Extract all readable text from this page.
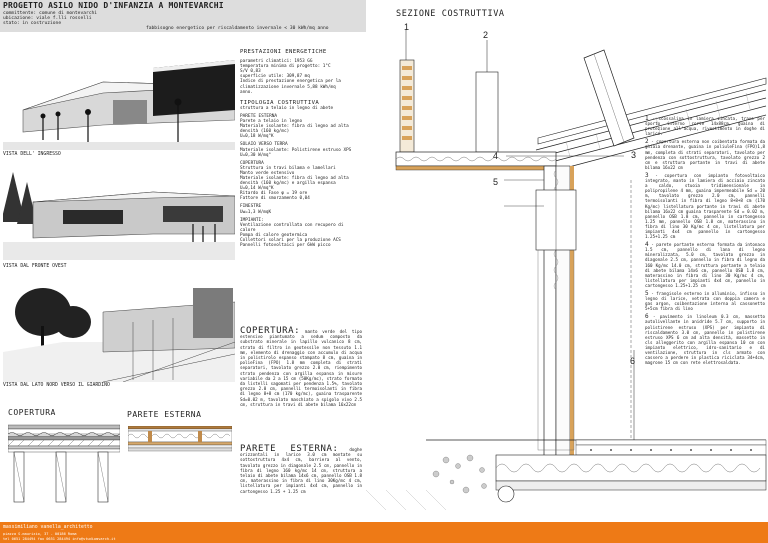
PROGETTO ASILO NIDO D'INFANZIA A MONTEVARCHI
committente: comune di montevarchi
ubicazione: viale f.lli rosselli
stato: in costruzione
fabbisogno energetico per riscaldamento invernale < 30 kWh/mq anno
SEZIONE COSTRUTTIVA
VISTA DELL' INGRESSO
VISTA DAL FRONTE OVEST
VISTA DAL LATO NORD VERSO IL GIARDINO
COPERTURA	PARETE ESTERNA
PRESTAZIONI ENERGETICHE
parametri climatici: 1953 GG
temperatura minima di progetto: 1°C
S/V 0,83
superficie utile: 309,87 mq
Indice di prestazione energetica per la
climatizzazione invernale 5,88 kWh/mq
anno.
TIPOLOGIA COSTRUTTIVA
struttura a telaio in legno di abete
PARETE ESTERNA
Parete a telaio in legno
Materiale isolante: fibra di legno ad alta
densità (160 kg/mc)
U=0,18 W/mq°K
SOLAIO VERSO TERRA
Materiale isolante: Polistirene estruso XPS
U=0,30 W/mq°
COPERTURA
Struttura in travi bilama e lamellari
Manto verde estensivo
Materiale isolante: fibra di legno ad alta
densità (160 kg/mc) e argilla espansa
U=0,14 W/mq°K
Ritardo di Fase φ = 19 ore
Fattore di smorzamento 0,04
FINESTRE
Uw=1,3 W/mqK
IMPIANTI:
Ventilazione controllata con recupero di
calore
Pompa di calore geotermica
Collettori solari per la produzione ACS
Pannelli fotovoltaici per 6kW picco
COPERTURA: manto verde del tipo estensivo piantumato a sedum composto da substrato minerale in lapillo vulcanico 8 cm, strato di filtro in geotessile non tessuto 1.1 mm, elemento di drenaggio con accumulo di acqua in polistirolo espanso stampato 8 cm, guaina in polieFina (FPO) 1.8 mm completa di strati separatori, tavolato grezzo 2.0 cm, riempimento strato pendenza con argilla espansa in misure variabile da 2 a 15 cm (50Kg/mc), strato formato da listelli sagomati per pendenza 1.5%, tavolato grezzo 2.0 cm, pannelli termoisolanti in fibra di legno 8+8 cm (170 kg/mc), guaina trasparente Sd=0.02 m, tavolato maschiato a spigolo vivo 2.5 cm, struttura in travi di abete bilama 16x22cm
PARETE ESTERNA: doghe orizzontali in larice 3.0 cm montate su sottostruttura 4x4 cm, barriera al vento, tavolato grezzo in diagonale 2.5 cm, pannello in fibra di legno 160 kg/mc 14 cm, struttura a telaio di abete bilama 14x6 cm, pannello OSB 1.8 cm, materassino in fibra di lino 30Kg/mc 4 cm, listellatura per impianti 4x4 cm, pannello in cartongesso 1.25 + 1.25 cm
1
2
3
4
5
6
1 - scossalina in lamiera zincata, trave per sporto interno corte 14x88cm, guaina di protezione all'acqua, rivestimento in doghe di larice.
2 - copertura esterna non coibentata formata da ghiaia drenante, guaina in poliuleFina (FPO)1,8 mm, completa di strati separatori, tavolato per pendenza con sottostruttura, tavolato grezzo 2 cm e struttura portante in travi di abete bilama 16x22 cm
3 - copertura con impianto fotovoltaico integrato, manto in lamiera di acciaio zincato a caldo, stuoia tridimensionale in polipropilene 4 mm, guaina impermeabile Sd = 20 m, tavolato grezzo 2.0 cm, pannelli termoisolanti in fibra di legno 8+8+8 cm (170 Kg/mc) listellatura portante in travi di abete bilama 16x22 cm guaina trasparente Sd = 0.02 m, pannello OSB 1.8 cm, pannello in cartongesso 1.25 mm, pannello OSB 1.8 cm, materassino in fibra di lino 30 Kg/mc 4 cm, listellatura per impianti 4x4 cm pannello in cartongesso 1.25+1.25 cm
4 - parete portante esterna formata da intonaco 1.5 cm, pannello di lana di legno mineralizzata, 5.0 cm, tavolato grezzo in diagonale 2.5 cm, pannello in fibra di legno da 160 Kg/mc 14.0 cm, struttura portante a telaio di abete bilama 14x6 cm, pannello OSB 1.8 cm, materassino in fibra di lino 30 Kg/mc 4 cm, listellatura per impianti 4x4 cm, pannello in cartongesso 1.25+1.25 cm
5 - frangisole esterno in alluminio, infisso in legno di larice, vetrata con doppia camera e gas argon, coibentazione interna al cassonetto 5+5cm fibra di lino
6 - pavimento in linoleum 0.3 cm, massetto autolivellante in anidride 5.7 cm, supporto in polistirene estruso (XPS) per impianto di riscaldamento 3.0 cm, pannello in polistirene estruso XPS 6 cm ad alta densità, massetto in cls alleggerito con argilla espansa 10 cm con impianto elettrico, idro-sanitario e di ventilazione, struttura in cls armato con cassero a perdere in plastica riciclata 34+4cm, magrone 15 cm con rete elettrosaldata.
massimiliano vanella_architetto
piazza S.maurizio, 37 - 00186 Roma
tel 0651 284494 fax 0651 284494 info@studiomvarch.it
